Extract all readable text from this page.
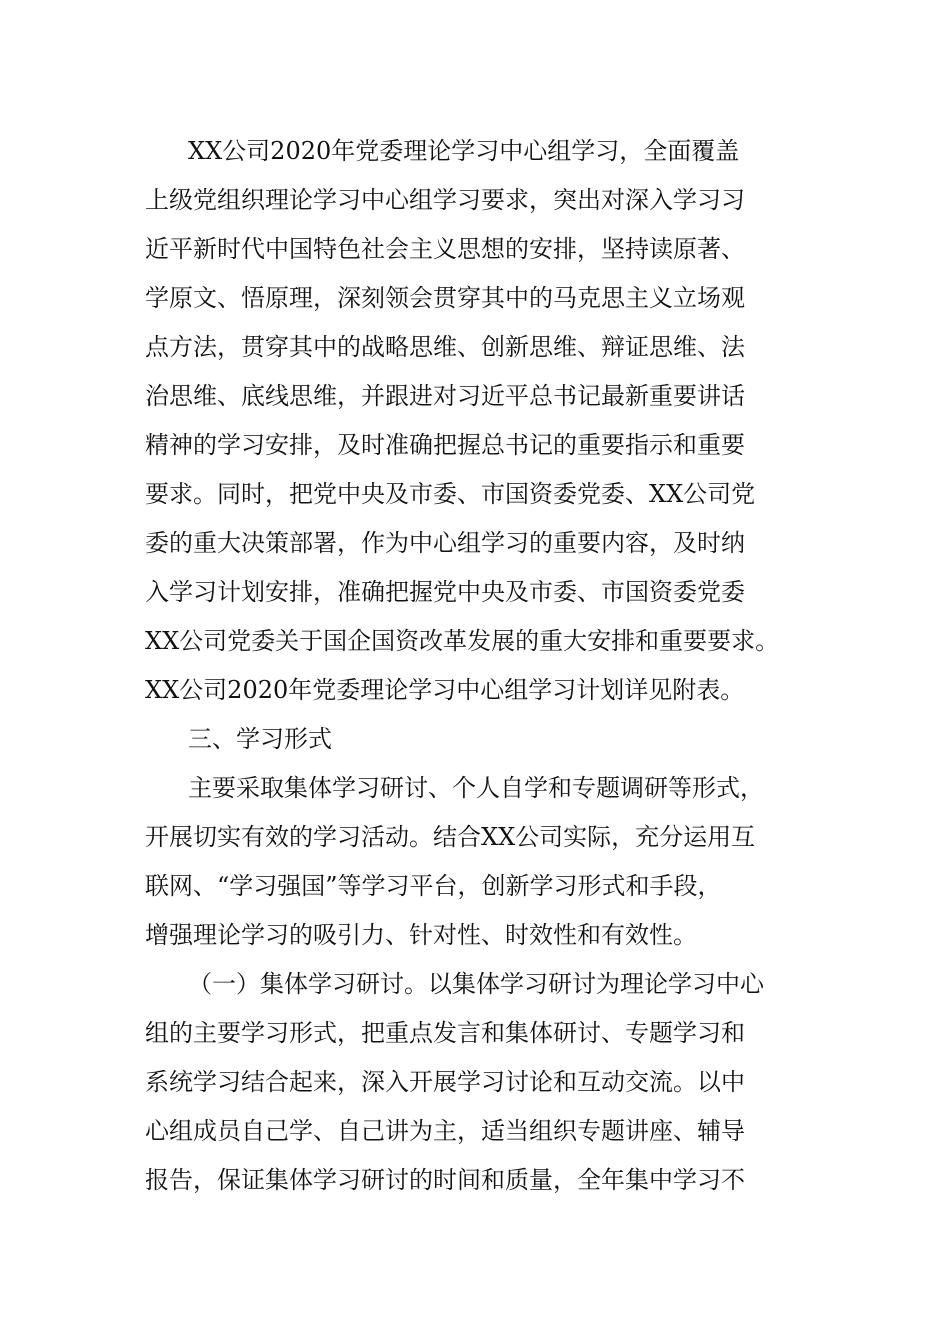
XX公司2020年党委理论学习中心组学习，全面覆盖

上级党组织理论学习中心组学习要求，突出对深入学习习

近平新时代中国特色社会主义思想的安排，坚持读原著、

学原文、悟原理，深刻领会贯穿其中的马克思主义立场观

点方法，贯穿其中的战略思维、创新思维、辩证思维、法

治思维、底线思维，并跟进对习近平总书记最新重要讲话

精神的学习安排，及时准确把握总书记的重要指示和重要

要求。同时，把党中央及市委、市国资委党委、XX公司党

委的重大决策部署，作为中心组学习的重要内容，及时纳

入学习计划安排，准确把握党中央及市委、市国资委党委

XX公司党委关于国企国资改革发展的重大安排和重要要求。

XX公司2020年党委理论学习中心组学习计划详见附表。

三、学习形式

主要采取集体学习研讨、个人自学和专题调研等形式，

开展切实有效的学习活动。结合XX公司实际，充分运用互

联网、“学习强国”等学习平台，创新学习形式和手段，

增强理论学习的吸引力、针对性、时效性和有效性。

（一）集体学习研讨。以集体学习研讨为理论学习中心

组的主要学习形式，把重点发言和集体研讨、专题学习和

系统学习结合起来，深入开展学习讨论和互动交流。以中

心组成员自己学、自己讲为主，适当组织专题讲座、辅导

报告，保证集体学习研讨的时间和质量，全年集中学习不
